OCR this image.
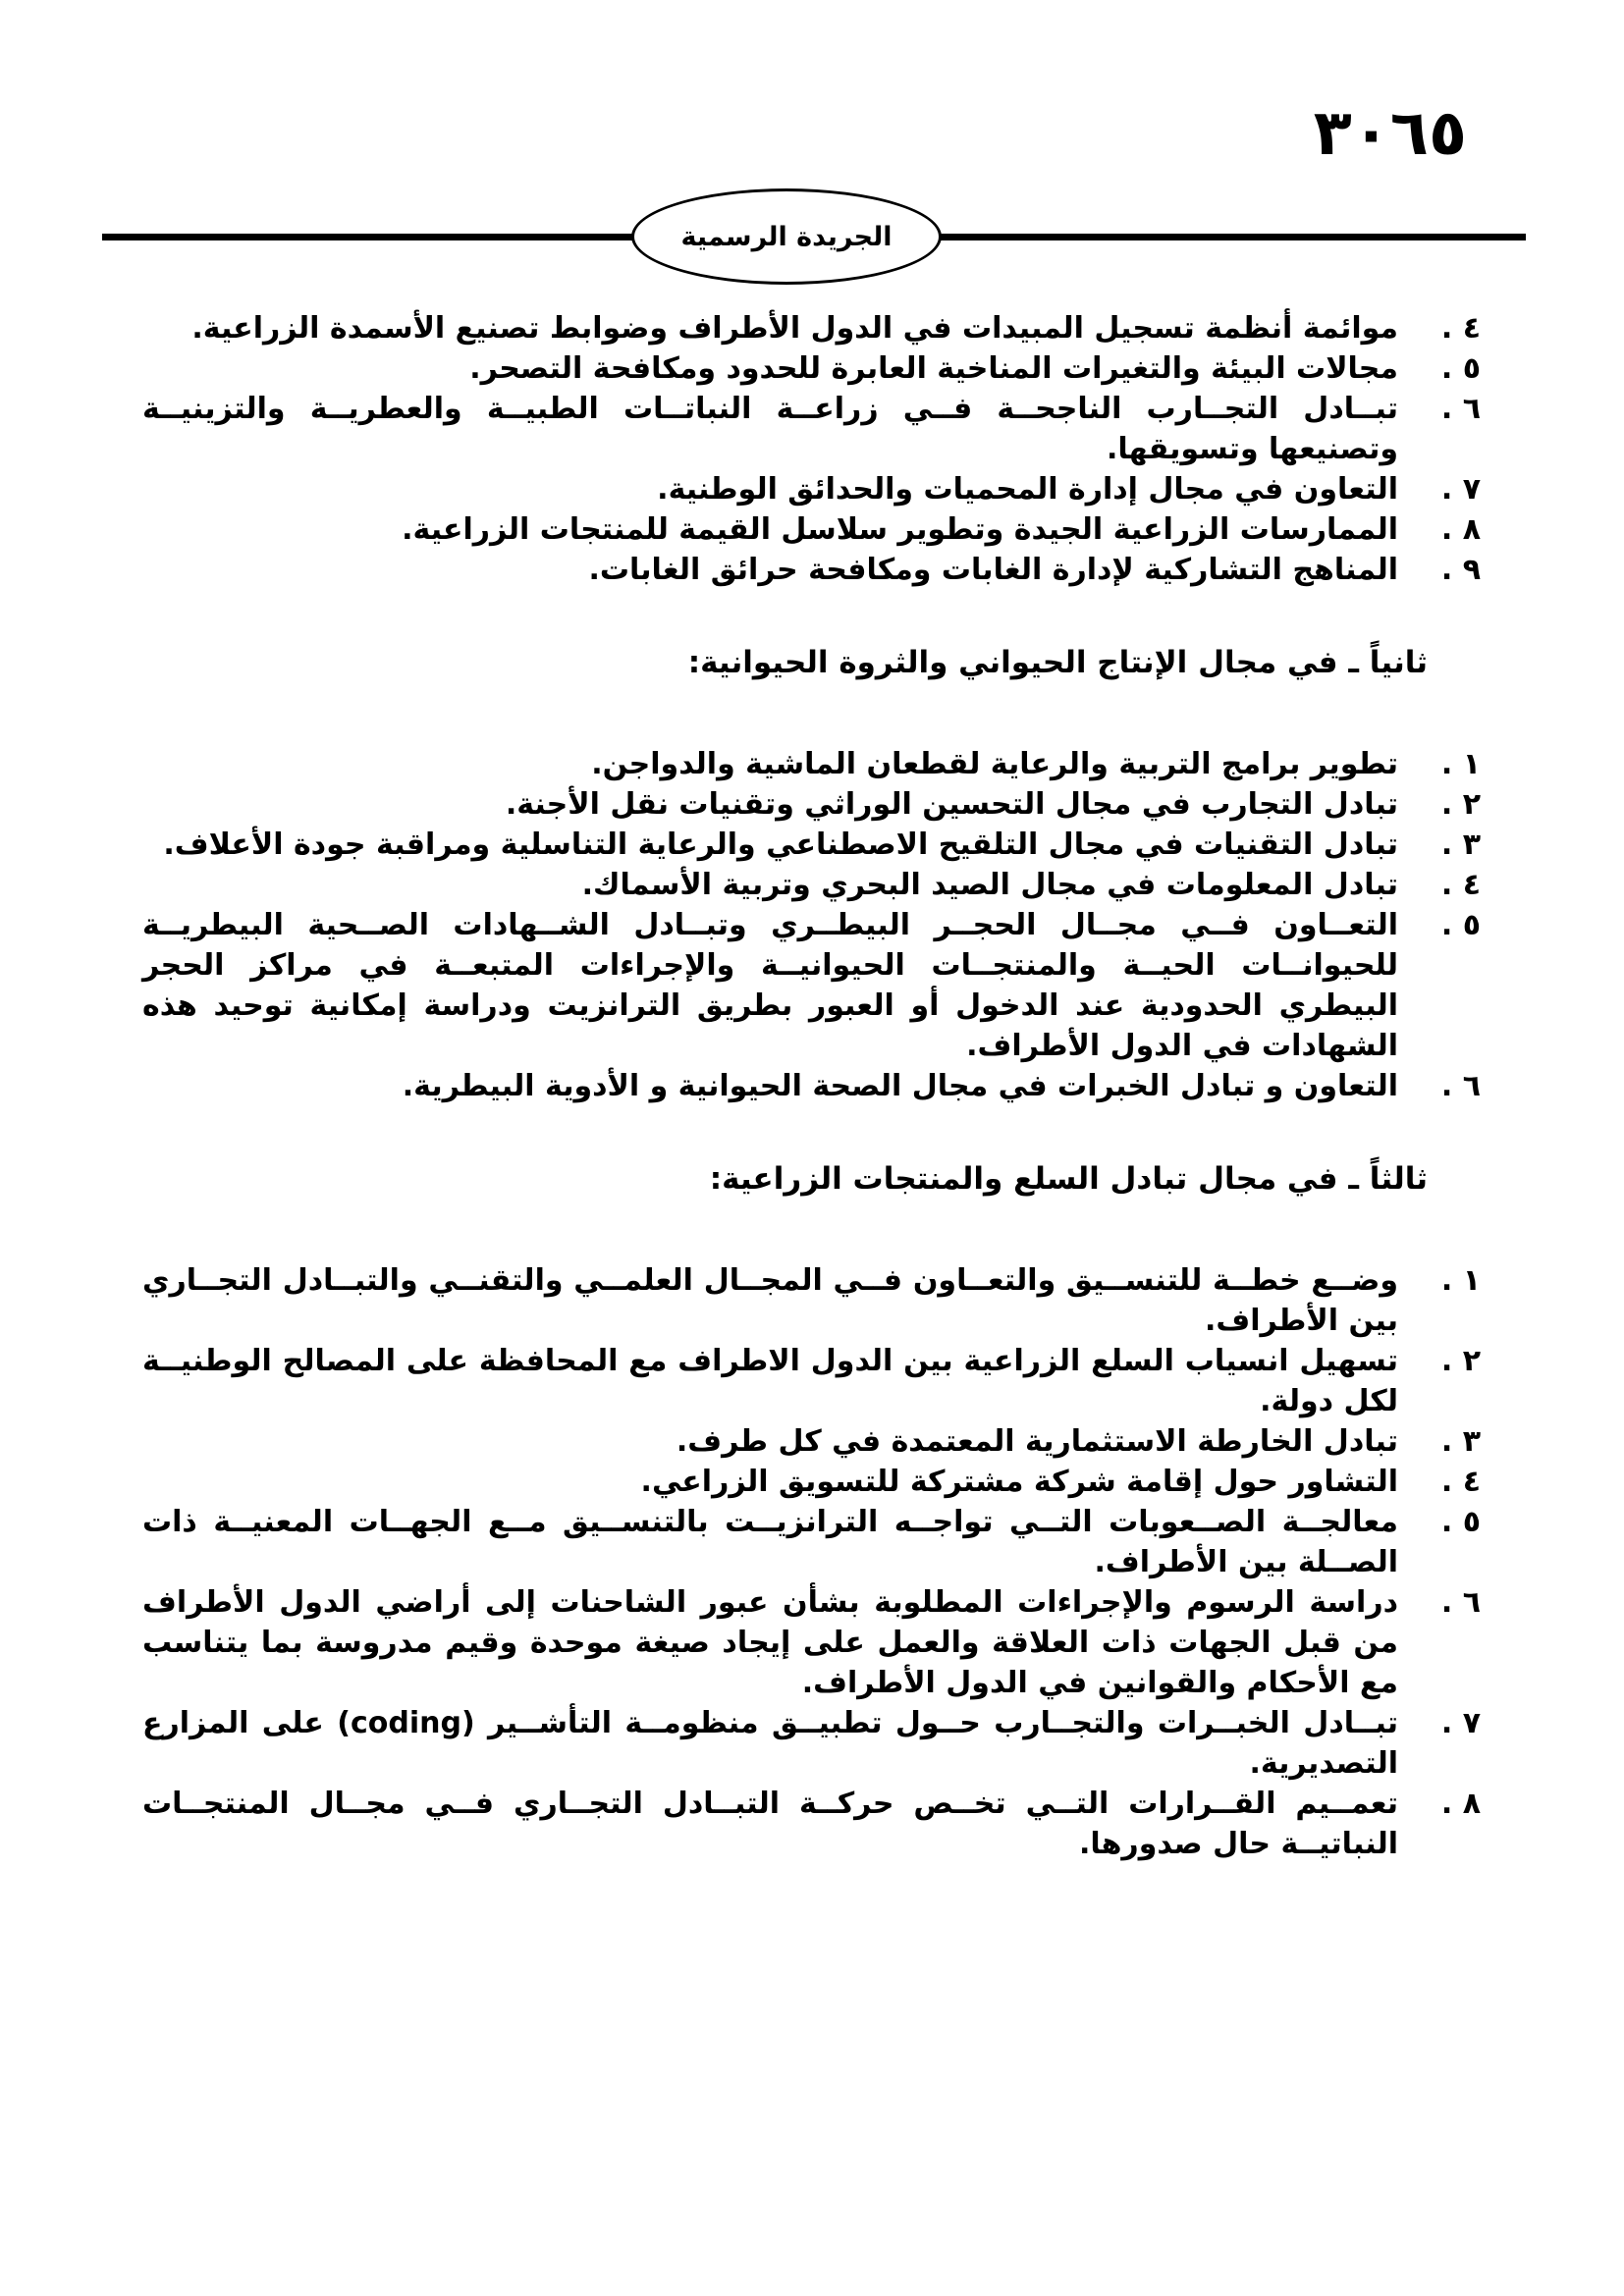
٣٠٦٥
الجريدة الرسمية
٤ .
موائمة أنظمة تسجيل المبيدات في الدول الأطراف وضوابط تصنيع الأسمدة الزراعية.
٥ .
مجالات البيئة والتغيرات المناخية العابرة للحدود ومكافحة التصحر.
٦ .
تبــادل التجــارب الناجحــة فــي زراعــة النباتــات الطبيــة والعطريــة والتزينيــة وتصنيعها وتسويقها.
٧ .
التعاون في مجال إدارة المحميات والحدائق الوطنية.
٨ .
الممارسات الزراعية الجيدة وتطوير سلاسل القيمة للمنتجات الزراعية.
٩ .
المناهج التشاركية لإدارة الغابات ومكافحة حرائق الغابات.
ثانياً ـ في مجال الإنتاج الحيواني والثروة الحيوانية:
١ .
تطوير برامج التربية والرعاية لقطعان الماشية والدواجن.
٢ .
تبادل التجارب في مجال التحسين الوراثي وتقنيات نقل الأجنة.
٣ .
تبادل التقنيات في مجال التلقيح الاصطناعي والرعاية التناسلية ومراقبة جودة الأعلاف.
٤ .
تبادل المعلومات في مجال الصيد البحري وتربية الأسماك.
٥ .
التعــاون فــي مجــال الحجــر البيطــري وتبــادل الشــهادات الصــحية البيطريــة للحيوانــات الحيــة والمنتجــات الحيوانيــة والإجراءات المتبعــة في مراكز الحجر البيطري الحدودية عند الدخول أو العبور بطريق الترانزيت ودراسة إمكانية توحيد هذه الشهادات في الدول الأطراف.
٦ .
التعاون و تبادل الخبرات في مجال الصحة الحيوانية و الأدوية البيطرية.
ثالثاً ـ في مجال تبادل السلع والمنتجات الزراعية:
١ .
وضــع خطــة للتنســيق والتعــاون فــي المجــال العلمــي والتقنــي والتبــادل التجــاري بين الأطراف.
٢ .
تسهيل انسياب السلع الزراعية بين الدول الاطراف مع المحافظة على المصالح الوطنيــة لكل دولة.
٣ .
تبادل الخارطة الاستثمارية المعتمدة في كل طرف.
٤ .
التشاور حول إقامة شركة مشتركة للتسويق الزراعي.
٥ .
معالجــة الصــعوبات التــي تواجــه الترانزيــت بالتنســيق مــع الجهــات المعنيــة ذات الصــلة بين الأطراف.
٦ .
دراسة الرسوم والإجراءات المطلوبة بشأن عبور الشاحنات إلى أراضي الدول الأطراف من قبل الجهات ذات العلاقة والعمل على إيجاد صيغة موحدة وقيم مدروسة بما يتناسب مع الأحكام والقوانين في الدول الأطراف.
٧ .
تبــادل الخبــرات والتجــارب حــول تطبيــق منظومــة التأشــير (coding) على المزارع التصديرية.
٨ .
تعمــيم القــرارات التــي تخــص حركــة التبــادل التجــاري فــي مجــال المنتجــات النباتيــة حال صدورها.
